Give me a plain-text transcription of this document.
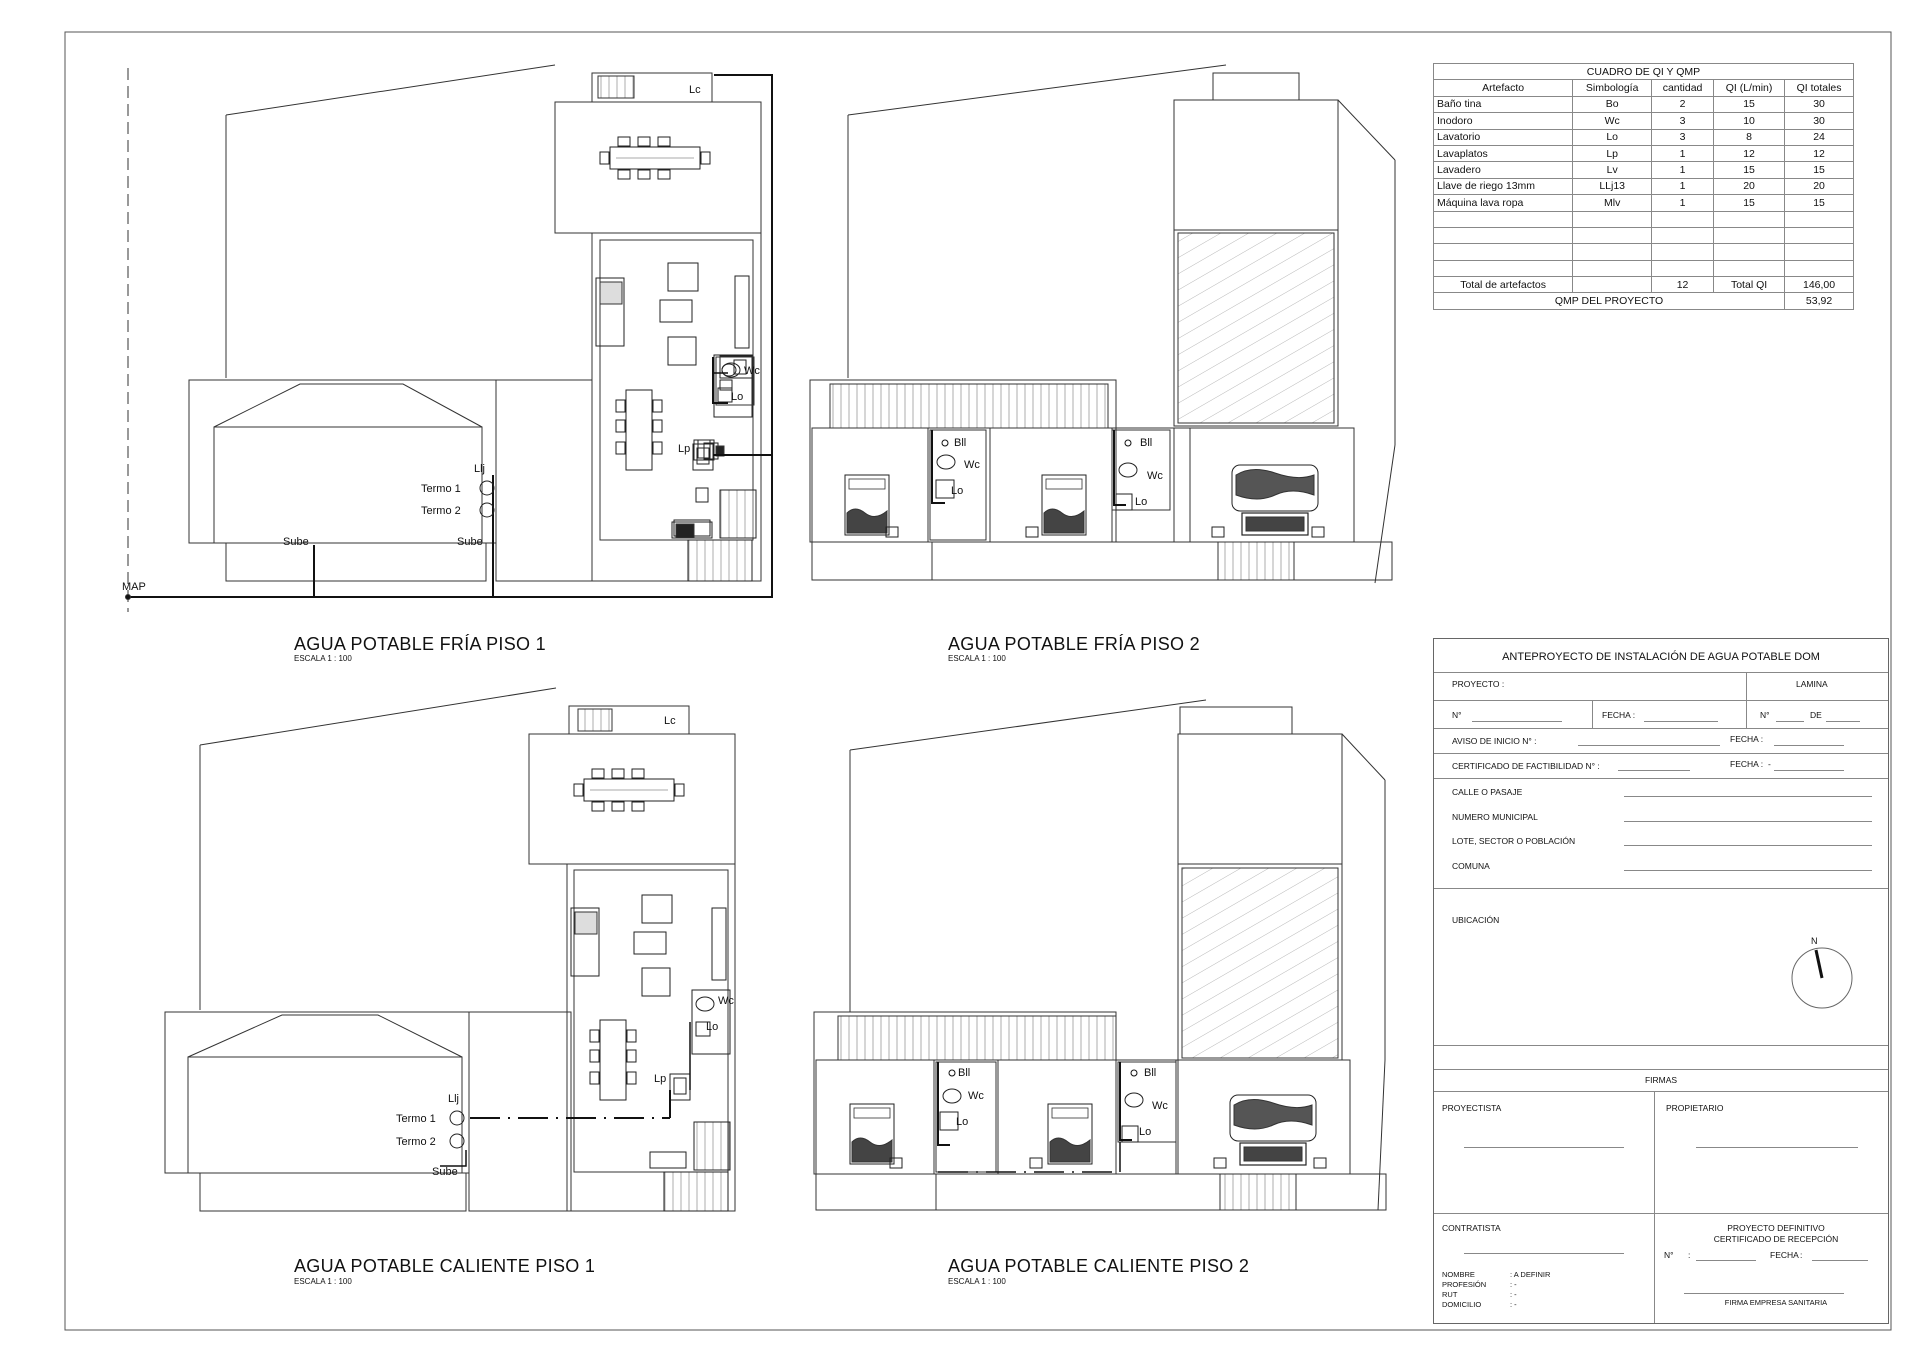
AGUA POTABLE FRÍA PISO 1
ESCALA 1 : 100
AGUA POTABLE FRÍA PISO 2
ESCALA 1 : 100
AGUA POTABLE CALIENTE PISO 1
ESCALA 1 : 100
AGUA POTABLE CALIENTE PISO 2
ESCALA 1 : 100
Lc
Wc
Lo
Lp
Llj
Termo 1
Termo 2
Sube	Sube
MAP
Bll
Wc
Lo
Bll
Wc
Lo
Lc
Wc
Lo
Lp
Llj
Termo 1
Termo 2
Sube
Bll
Wc
Lo
Bll
Wc
Lo
N
CUADRO DE QI Y QMP				
Artefacto	Simbología	cantidad	QI (L/min)	QI totales
Baño tina	Bo	2	15	30
Inodoro	Wc	3	10	30
Lavatorio	Lo	3	8	24
Lavaplatos	Lp	1	12	12
Lavadero	Lv	1	15	15
Llave de riego 13mm	LLj13	1	20	20
Máquina lava ropa	Mlv	1	15	15

Total de artefactos		12	Total QI	146,00
QMP DEL PROYECTO				53,92
ANTEPROYECTO DE INSTALACIÓN DE AGUA POTABLE DOM
PROYECTO :	LAMINA
N°	FECHA :	N°	DE
AVISO DE INICIO N° :	FECHA :
CERTIFICADO DE FACTIBILIDAD N° :	FECHA : -
CALLE O PASAJE
NUMERO MUNICIPAL
LOTE, SECTOR O POBLACIÓN
COMUNA
UBICACIÓN
FIRMAS
PROYECTISTA	PROPIETARIO
CONTRATISTA	PROYECTO DEFINITIVO
CERTIFICADO DE RECEPCIÓN
N° :	FECHA :
NOMBRE	: A DEFINIR
PROFESIÓN	: -
RUT	: -
DOMICILIO	: -	FIRMA EMPRESA SANITARIA
